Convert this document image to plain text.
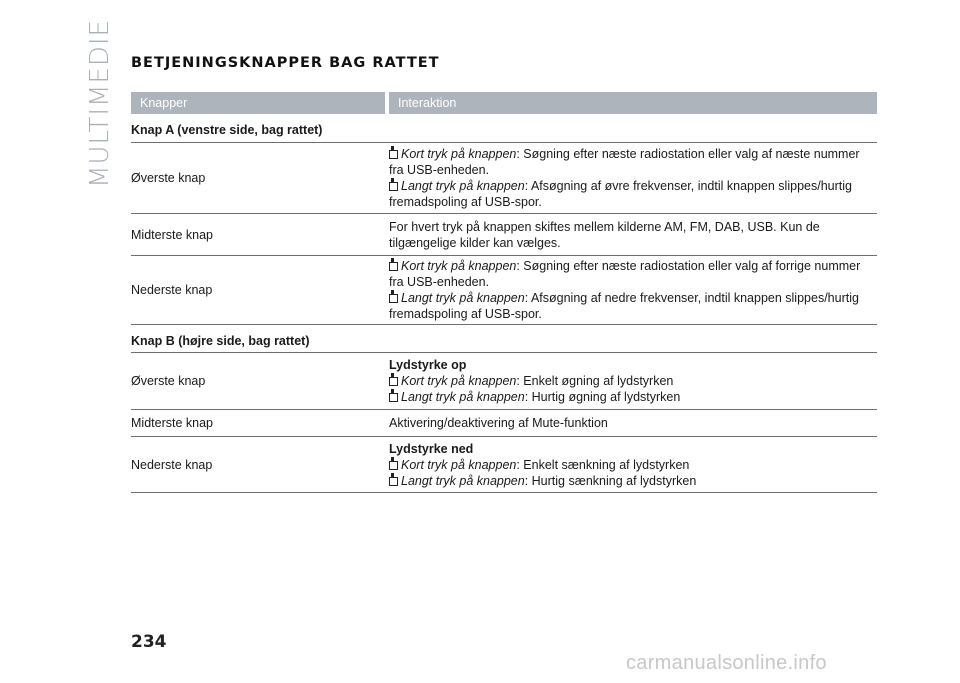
MULTIMEDIE BETJENINGSKNAPPER BAG RATTET
Knapper	Interaktion
Knap A (venstre side, bag rattet)
Øverste knap
Kort tryk på knappen: Søgning efter næste radiostation eller valg af næste nummer fra USB-enheden.
Langt tryk på knappen: Afsøgning af øvre frekvenser, indtil knappen slippes/hurtig fremadspoling af USB-spor.
Midterste knap
For hvert tryk på knappen skiftes mellem kilderne AM, FM, DAB, USB. Kun de tilgængelige kilder kan vælges.
Nederste knap
Kort tryk på knappen: Søgning efter næste radiostation eller valg af forrige nummer fra USB-enheden.
Langt tryk på knappen: Afsøgning af nedre frekvenser, indtil knappen slippes/hurtig fremadspoling af USB-spor.
Knap B (højre side, bag rattet)
Øverste knap
Lydstyrke op
Kort tryk på knappen: Enkelt øgning af lydstyrken
Langt tryk på knappen: Hurtig øgning af lydstyrken
Midterste knap	Aktivering/deaktivering af Mute-funktion
Nederste knap
Lydstyrke ned
Kort tryk på knappen: Enkelt sænkning af lydstyrken
Langt tryk på knappen: Hurtig sænkning af lydstyrken
234
carmanualsonline.info
